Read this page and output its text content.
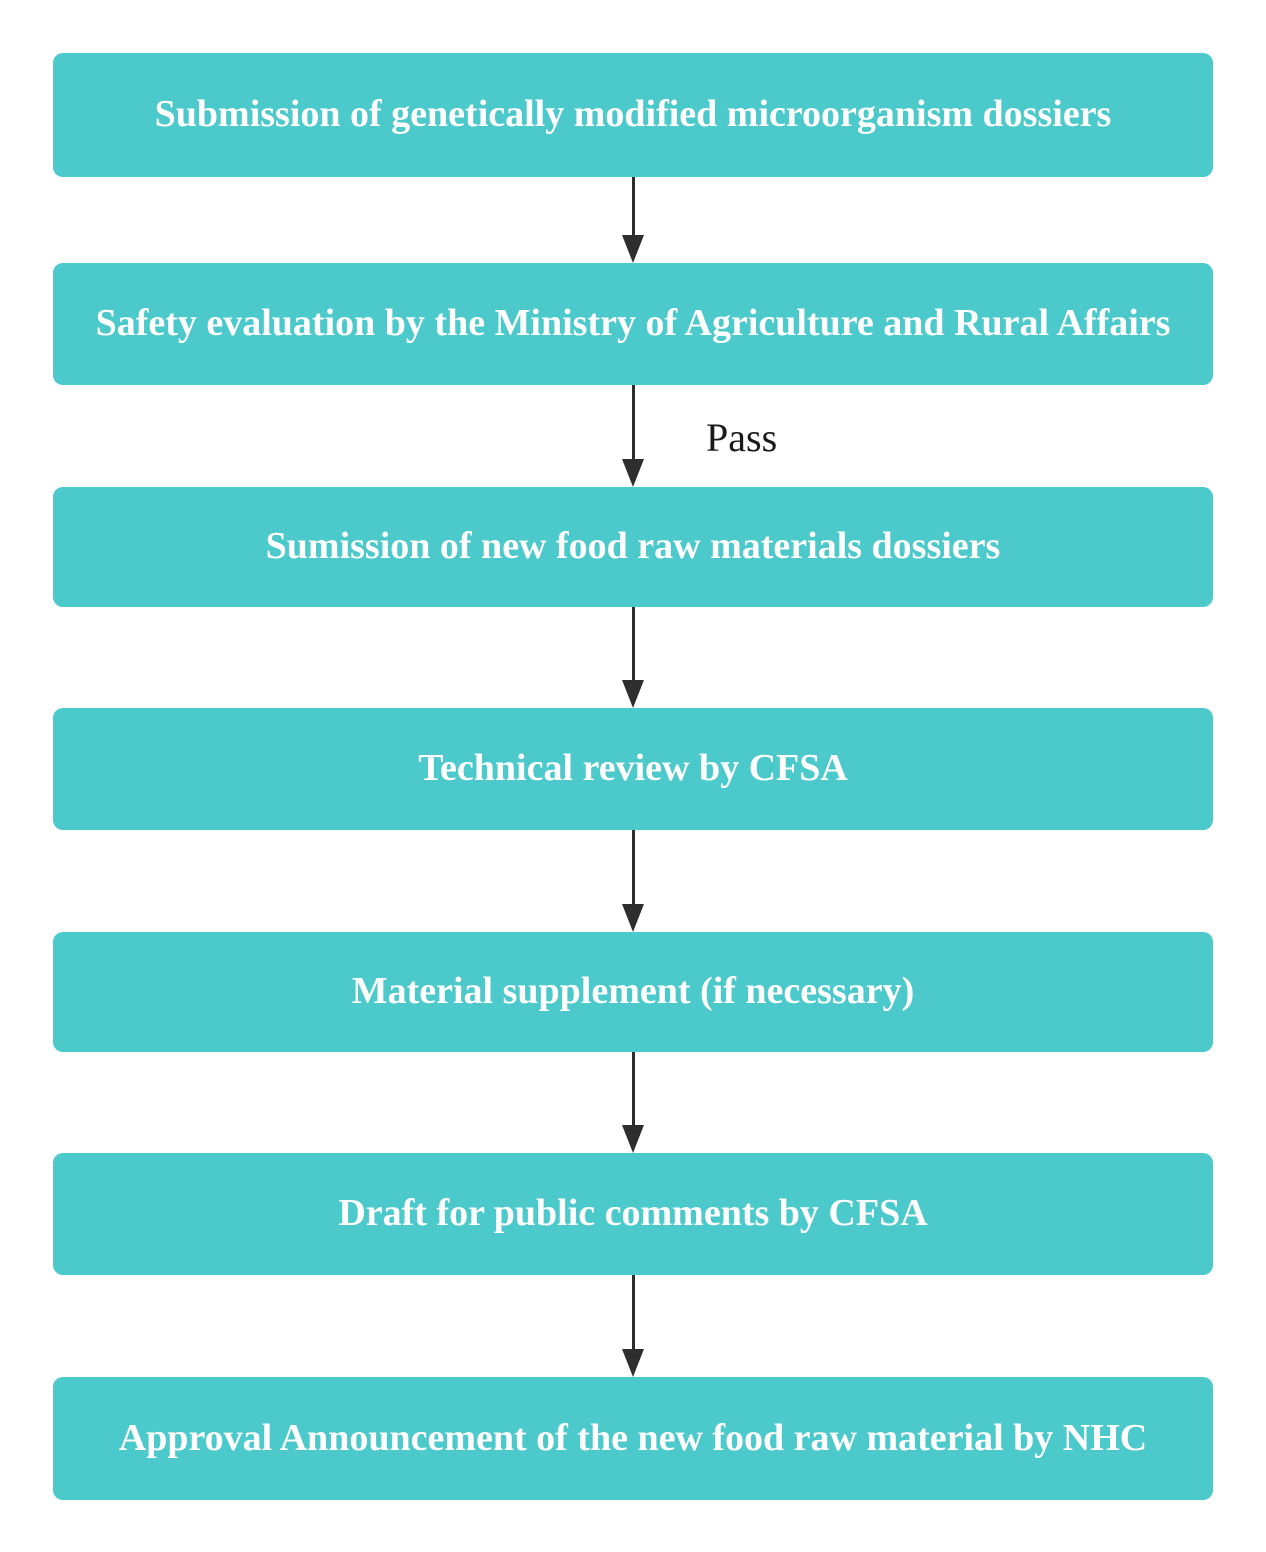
Submission of genetically modified microorganism dossiers
Safety evaluation by the Ministry of Agriculture and Rural Affairs
Pass
Sumission of new food raw materials dossiers
Technical review by CFSA
Material supplement (if necessary)
Draft for public comments by CFSA
Approval Announcement of the new food raw material by NHC
